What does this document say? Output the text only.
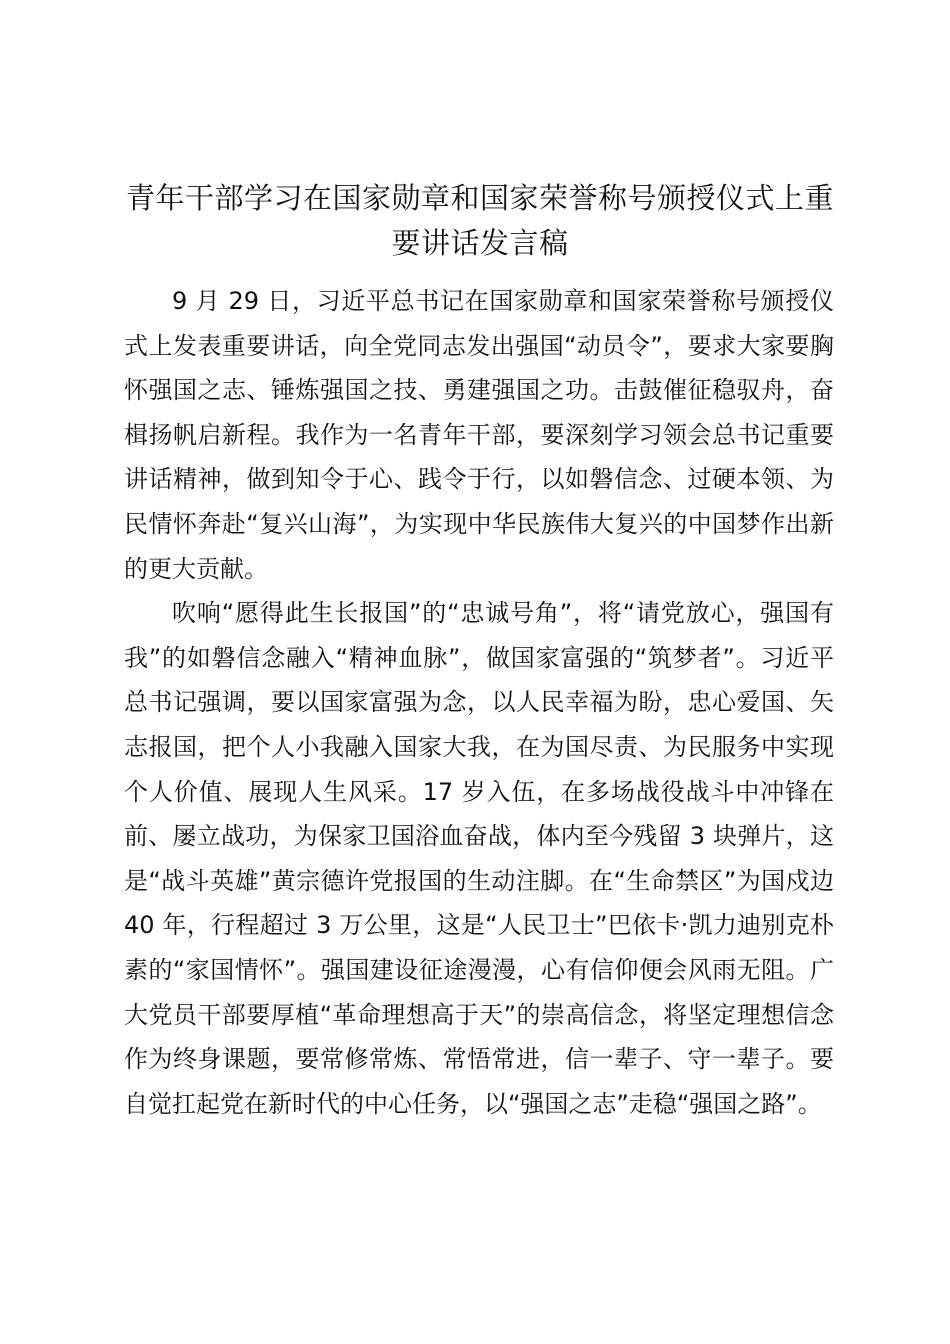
青年干部学习在国家勋章和国家荣誉称号颁授仪式上重要讲话发言稿

9 月 29 日，习近平总书记在国家勋章和国家荣誉称号颁授仪式上发表重要讲话，向全党同志发出强国“动员令”，要求大家要胸怀强国之志、锤炼强国之技、勇建强国之功。击鼓催征稳驭舟，奋楫扬帆启新程。我作为一名青年干部，要深刻学习领会总书记重要讲话精神，做到知令于心、践令于行，以如磐信念、过硬本领、为民情怀奔赴“复兴山海”，为实现中华民族伟大复兴的中国梦作出新的更大贡献。

吹响“愿得此生长报国”的“忠诚号角”，将“请党放心，强国有我”的如磐信念融入“精神血脉”，做国家富强的“筑梦者”。习近平总书记强调，要以国家富强为念，以人民幸福为盼，忠心爱国、矢志报国，把个人小我融入国家大我，在为国尽责、为民服务中实现个人价值、展现人生风采。17 岁入伍，在多场战役战斗中冲锋在前、屡立战功，为保家卫国浴血奋战，体内至今残留 3 块弹片，这是“战斗英雄”黄宗德许党报国的生动注脚。在“生命禁区”为国戍边 40 年，行程超过 3 万公里，这是“人民卫士”巴依卡·凯力迪别克朴素的“家国情怀”。强国建设征途漫漫，心有信仰便会风雨无阻。广大党员干部要厚植“革命理想高于天”的崇高信念，将坚定理想信念作为终身课题，要常修常炼、常悟常进，信一辈子、守一辈子。要自觉扛起党在新时代的中心任务，以“强国之志”走稳“强国之路”。
